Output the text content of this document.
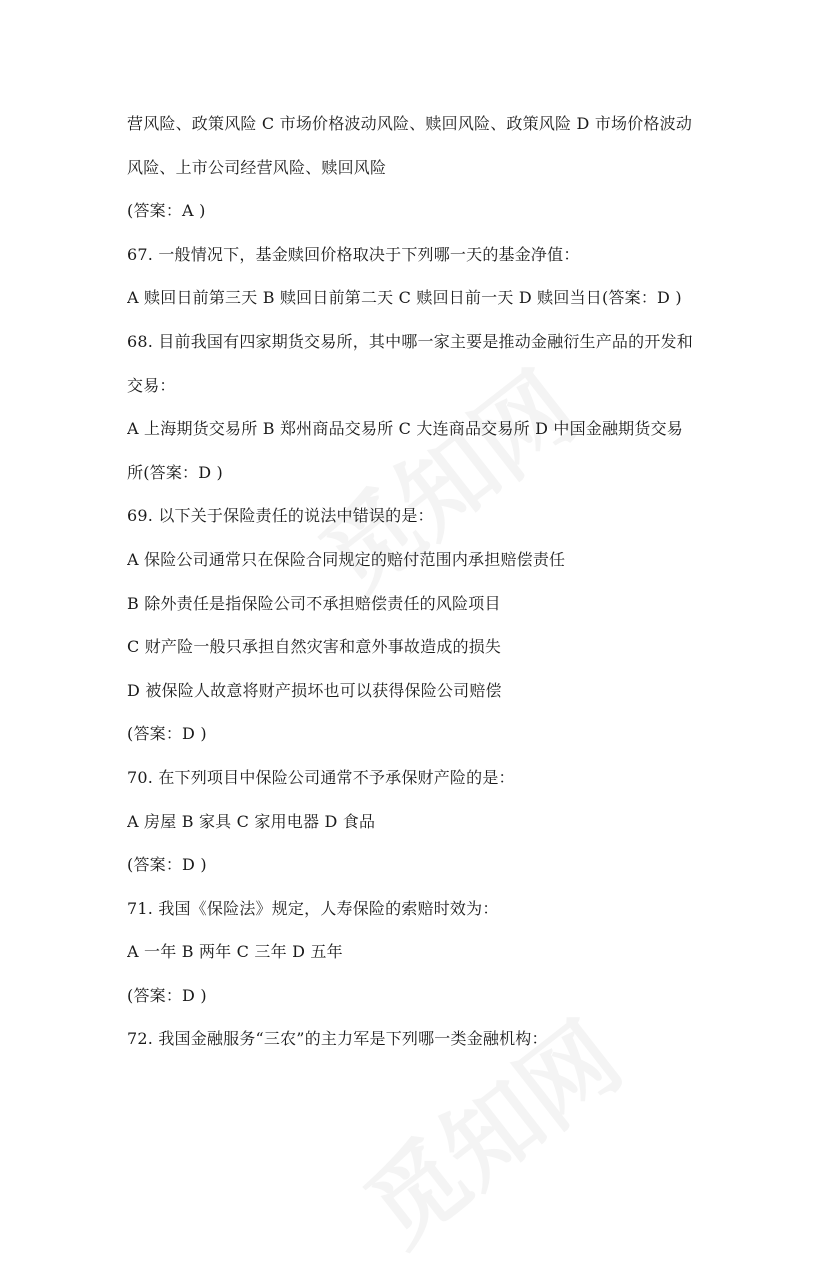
营风险、政策风险 C 市场价格波动风险、赎回风险、政策风险 D 市场价格波动
风险、上市公司经营风险、赎回风险
(答案：A )
67. 一般情况下，基金赎回价格取决于下列哪一天的基金净值：
A 赎回日前第三天 B 赎回日前第二天 C 赎回日前一天 D 赎回当日(答案：D )
68. 目前我国有四家期货交易所，其中哪一家主要是推动金融衍生产品的开发和
交易：
A 上海期货交易所 B 郑州商品交易所 C 大连商品交易所 D 中国金融期货交易
所(答案：D )
69. 以下关于保险责任的说法中错误的是：
A 保险公司通常只在保险合同规定的赔付范围内承担赔偿责任
B 除外责任是指保险公司不承担赔偿责任的风险项目
C 财产险一般只承担自然灾害和意外事故造成的损失
D 被保险人故意将财产损坏也可以获得保险公司赔偿
(答案：D )
70. 在下列项目中保险公司通常不予承保财产险的是：
A 房屋 B 家具 C 家用电器 D 食品
(答案：D )
71. 我国《保险法》规定，人寿保险的索赔时效为：
A 一年 B 两年 C 三年 D 五年
(答案：D )
72. 我国金融服务“三农”的主力军是下列哪一类金融机构：
